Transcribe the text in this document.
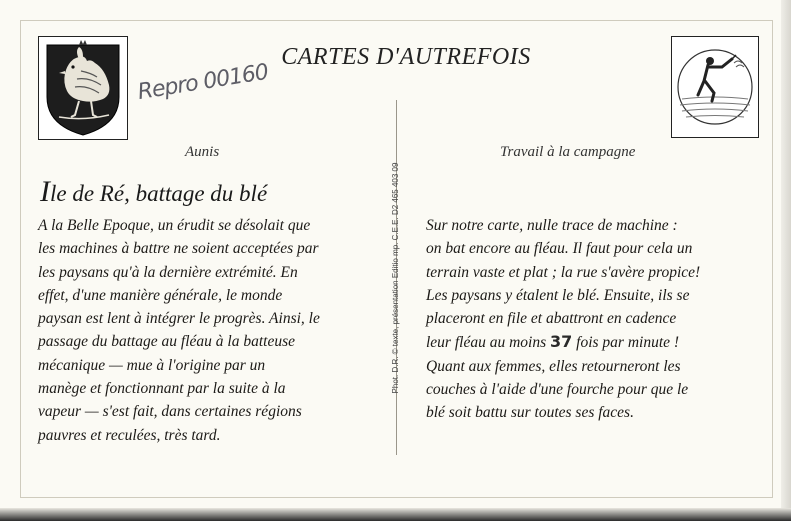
CARTES D'AUTREFOIS
Repro 00160
Aunis	Travail à la campagne
Phot. D.R. © texte, présentation Editio mp. C.E.E. D2 465 403 09
Ile de Ré, battage du blé
A la Belle Epoque, un érudit se désolait que
les machines à battre ne soient acceptées par
les paysans qu'à la dernière extrémité. En
effet, d'une manière générale, le monde
paysan est lent à intégrer le progrès. Ainsi, le
passage du battage au fléau à la batteuse
mécanique — mue à l'origine par un
manège et fonctionnant par la suite à la
vapeur — s'est fait, dans certaines régions
pauvres et reculées, très tard.
Sur notre carte, nulle trace de machine :
on bat encore au fléau. Il faut pour cela un
terrain vaste et plat ; la rue s'avère propice!
Les paysans y étalent le blé. Ensuite, ils se
placeront en file et abattront en cadence
leur fléau au moins 37 fois par minute !
Quant aux femmes, elles retourneront les
couches à l'aide d'une fourche pour que le
blé soit battu sur toutes ses faces.
